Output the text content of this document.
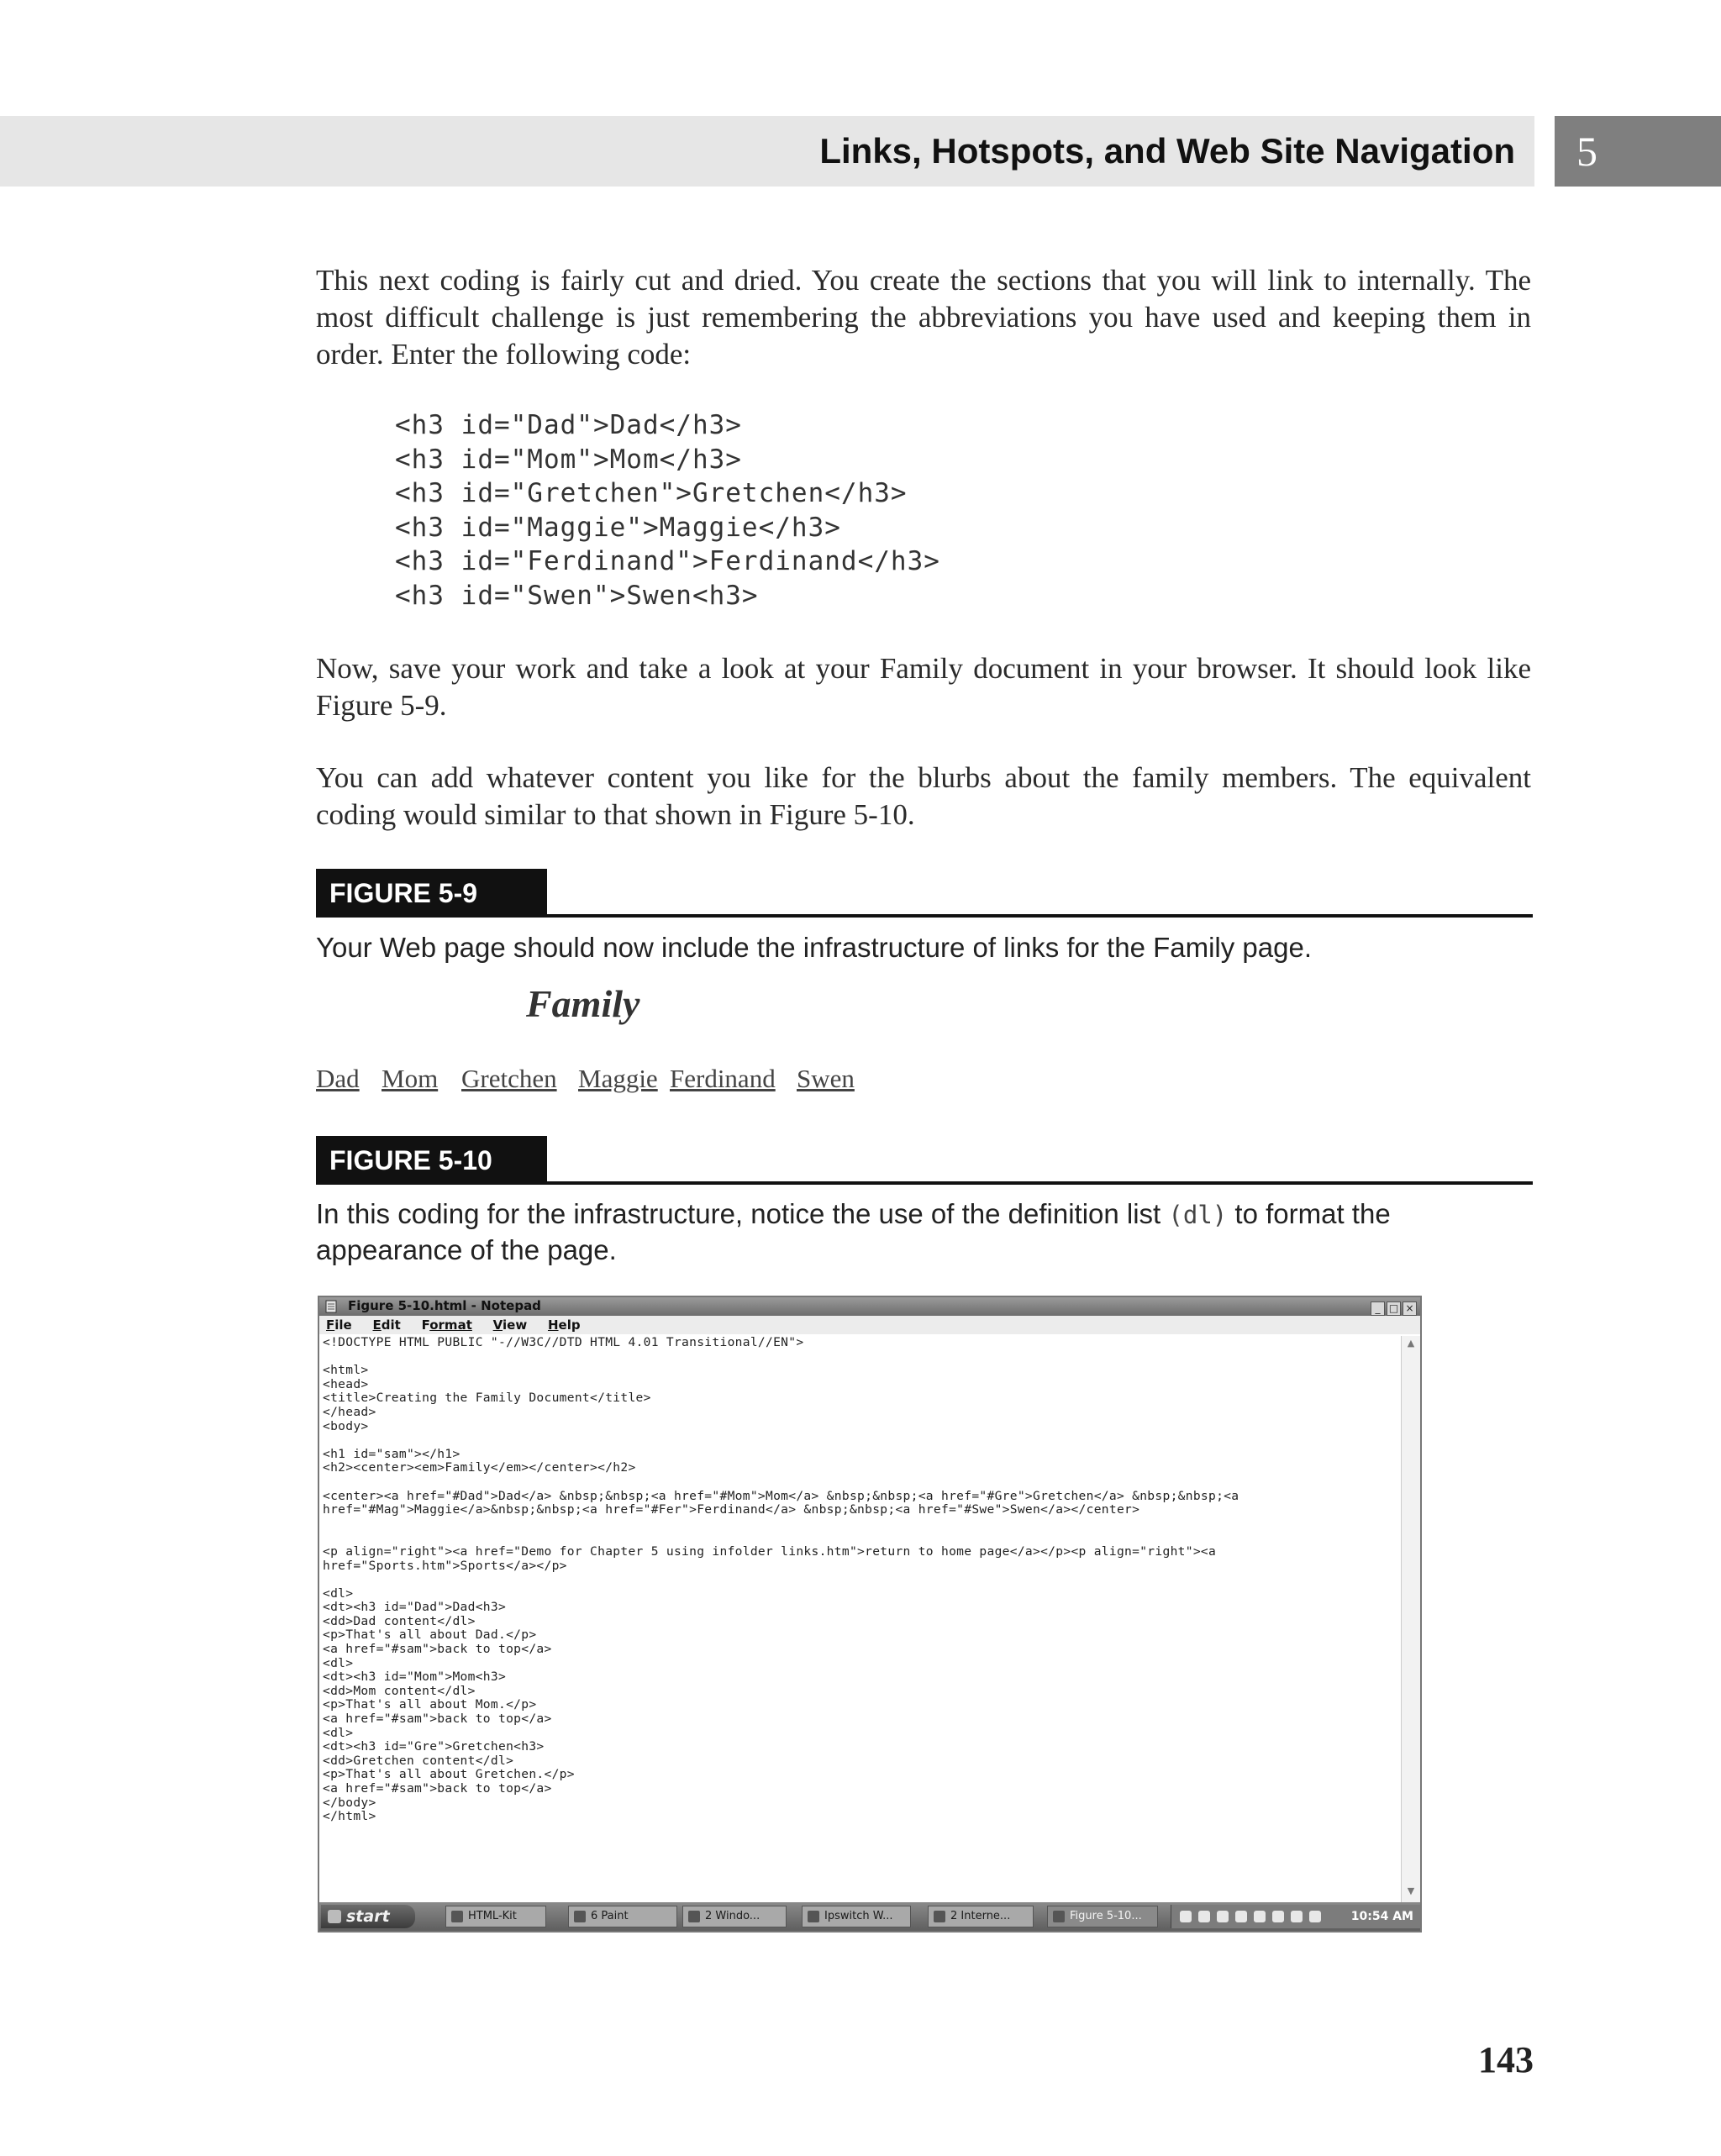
Links, Hotspots, and Web Site Navigation	5

This next coding is fairly cut and dried. You create the sections that you will link to internally. The most difficult challenge is just remembering the abbreviations you have used and keeping them in order. Enter the following code:

<h3 id="Dad">Dad</h3>
<h3 id="Mom">Mom</h3>
<h3 id="Gretchen">Gretchen</h3>
<h3 id="Maggie">Maggie</h3>
<h3 id="Ferdinand">Ferdinand</h3>
<h3 id="Swen">Swen<h3>

Now, save your work and take a look at your Family document in your browser. It should look like Figure 5-9.

You can add whatever content you like for the blurbs about the family members. The equivalent coding would similar to that shown in Figure 5-10.

FIGURE 5-9

Your Web page should now include the infrastructure of links for the Family page.

Family
Dad Mom Gretchen Maggie Ferdinand Swen
FIGURE 5-10

In this coding for the infrastructure, notice the use of the definition list (dl) to format the appearance of the page.

Figure 5-10.html - Notepad	_ □ ×
File Edit Format View Help
<!DOCTYPE HTML PUBLIC "-//W3C//DTD HTML 4.01 Transitional//EN">
<html>
<head>
<title>Creating the Family Document</title>
</head>
<body>
<h1 id="sam"></h1>
<h2><center><em>Family</em></center></h2>
<center><a href="#Dad">Dad</a> &nbsp;&nbsp;<a href="#Mom">Mom</a> &nbsp;&nbsp;<a href="#Gre">Gretchen</a> &nbsp;&nbsp;<a
href="#Mag">Maggie</a>&nbsp;&nbsp;<a href="#Fer">Ferdinand</a> &nbsp;&nbsp;<a href="#Swe">Swen</a></center>
<p align="right"><a href="Demo for Chapter 5 using infolder links.htm">return to home page</a></p><p align="right"><a
href="Sports.htm">Sports</a></p>
<dl>
<dt><h3 id="Dad">Dad<h3>
<dd>Dad content</dl>
<p>That's all about Dad.</p>
<a href="#sam">back to top</a>
<dl>
<dt><h3 id="Mom">Mom<h3>
<dd>Mom content</dl>
<p>That's all about Mom.</p>
<a href="#sam">back to top</a>
<dl>
<dt><h3 id="Gre">Gretchen<h3>
<dd>Gretchen content</dl>
<p>That's all about Gretchen.</p>
<a href="#sam">back to top</a>
</body>
</html>
▲
▼
start	HTML-Kit	6 Paint	2 Windo...	Ipswitch W...	2 Interne...	Figure 5-10...	10:54 AM
143
